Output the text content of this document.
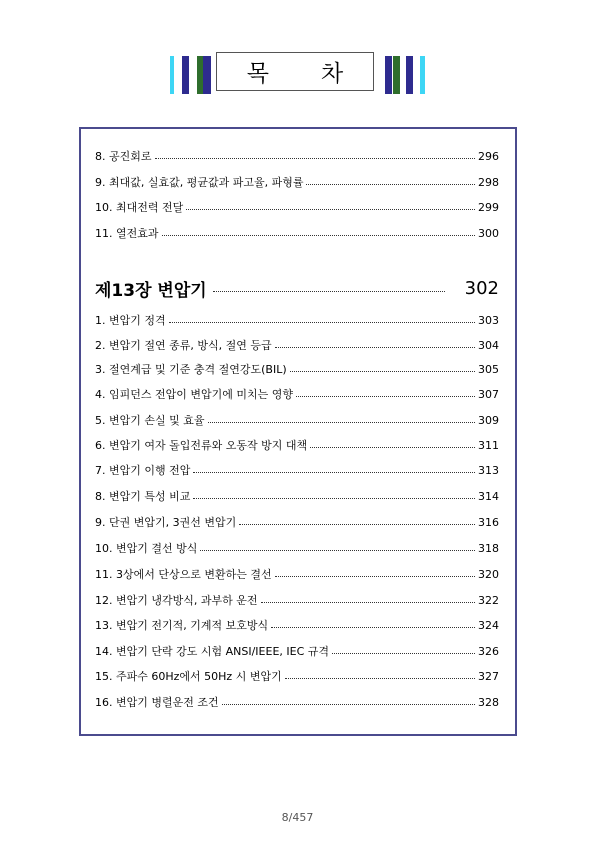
목 차
8. 공진회로	296
9. 최대값, 실효값, 평균값과 파고율, 파형률	298
10. 최대전력 전달	299
11. 열전효과	300
제13장 변압기	302
1. 변압기 정격	303
2. 변압기 절연 종류, 방식, 절연 등급	304
3. 절연계급 및 기준 충격 절연강도(BIL)	305
4. 임피던스 전압이 변압기에 미치는 영향	307
5. 변압기 손실 및 효율	309
6. 변압기 여자 돌입전류와 오동작 방지 대책	311
7. 변압기 이행 전압	313
8. 변압기 특성 비교	314
9. 단권 변압기, 3권선 변압기	316
10. 변압기 결선 방식	318
11. 3상에서 단상으로 변환하는 결선	320
12. 변압기 냉각방식, 과부하 운전	322
13. 변압기 전기적, 기계적 보호방식	324
14. 변압기 단락 강도 시험 ANSI/IEEE, IEC 규격	326
15. 주파수 60Hz에서 50Hz 시 변압기	327
16. 변압기 병렬운전 조건	328
8/457
